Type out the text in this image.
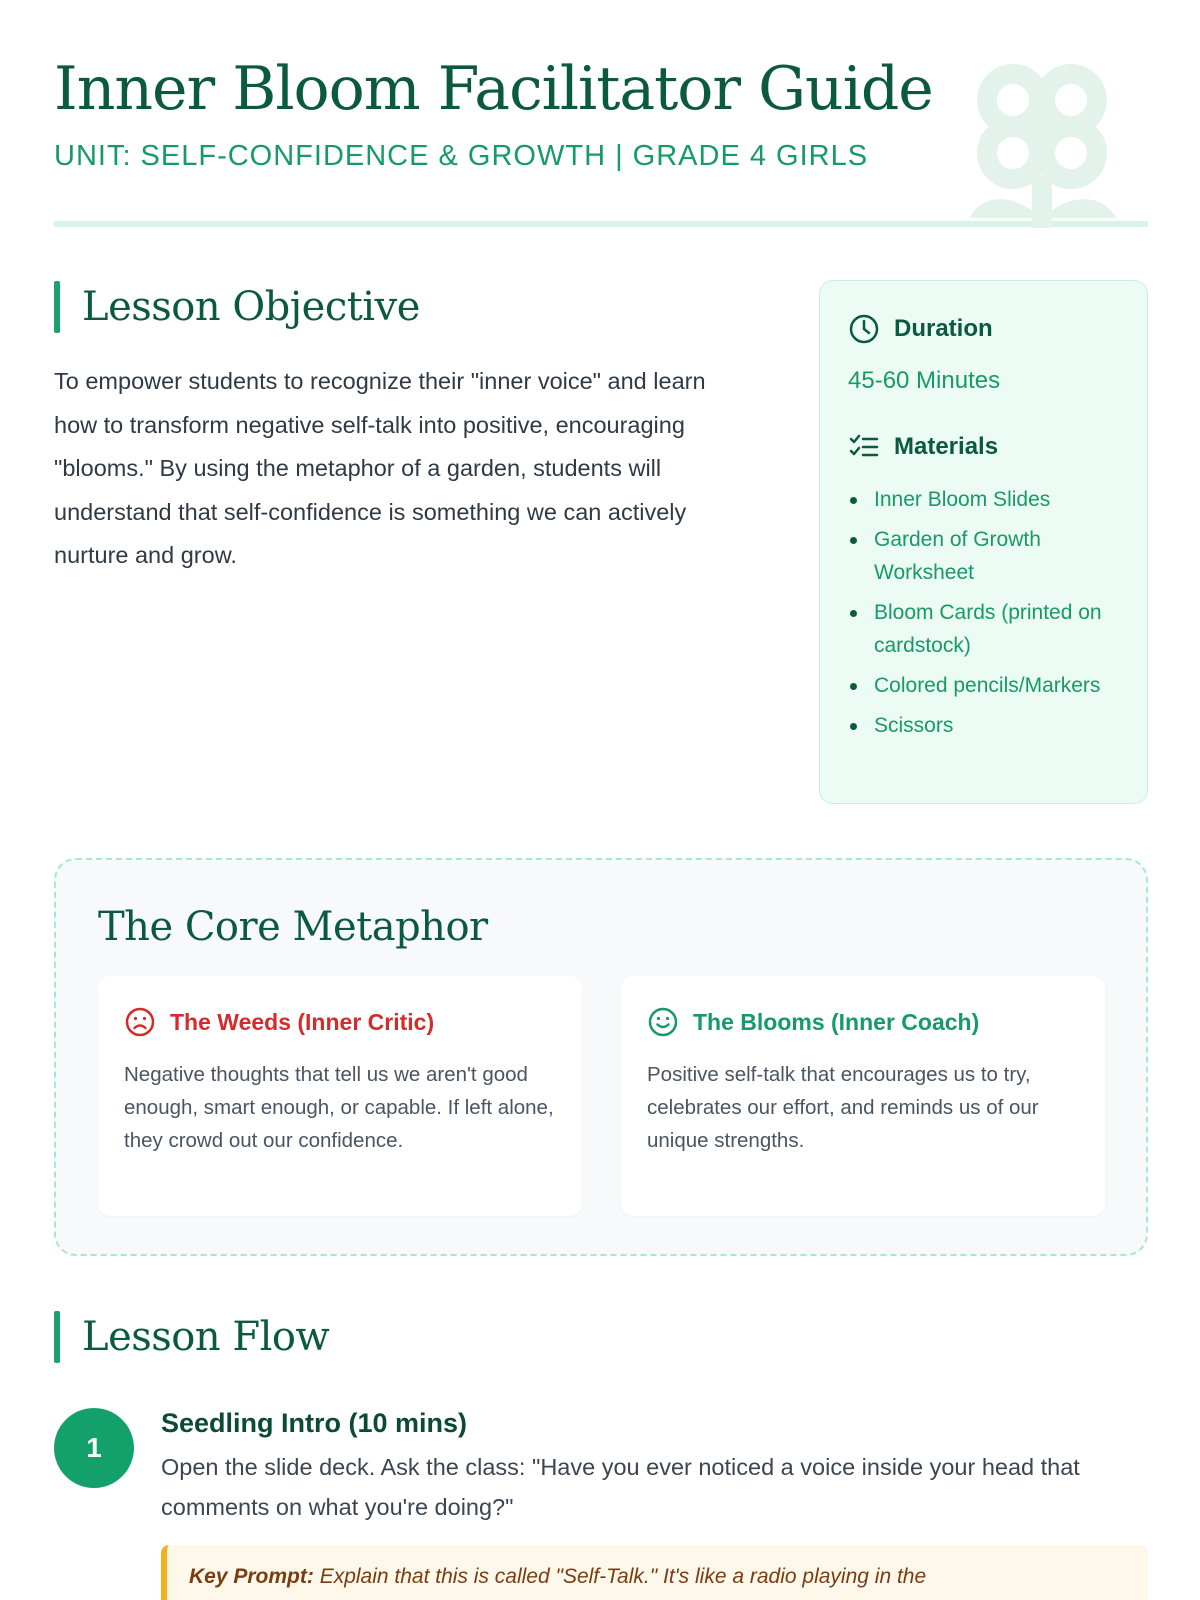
Inner Bloom Facilitator Guide
UNIT: SELF-CONFIDENCE & GROWTH | GRADE 4 GIRLS
Lesson Objective

To empower students to recognize their "inner voice" and learn how to transform negative self-talk into positive, encouraging "blooms." By using the metaphor of a garden, students will understand that self-confidence is something we can actively nurture and grow.

Duration
45-60 Minutes
Materials
Inner Bloom Slides
Garden of Growth Worksheet
Bloom Cards (printed on cardstock)
Colored pencils/Markers
Scissors
The Core Metaphor
The Weeds (Inner Critic)

Negative thoughts that tell us we aren't good enough, smart enough, or capable. If left alone, they crowd out our confidence.

The Blooms (Inner Coach)

Positive self-talk that encourages us to try, celebrates our effort, and reminds us of our unique strengths.

Lesson Flow
1
Seedling Intro (10 mins)
Open the slide deck. Ask the class: "Have you ever noticed a voice inside your head that comments on what you're doing?"
Key Prompt: Explain that this is called "Self-Talk." It's like a radio playing in the
